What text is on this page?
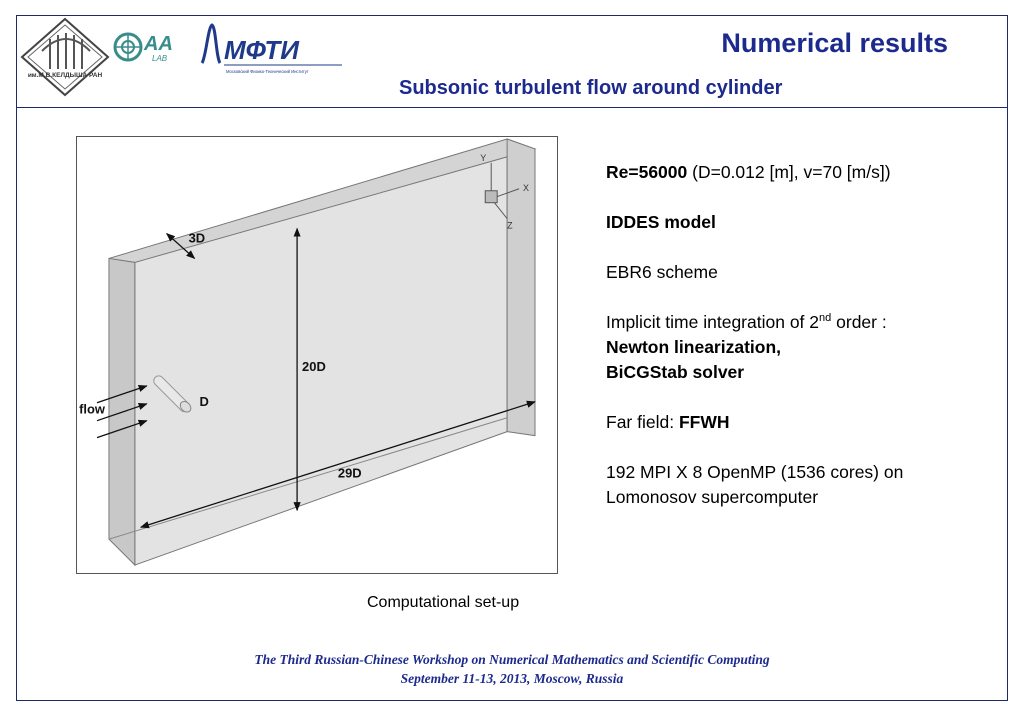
им.М.В.КЕЛДЫША РАН
AA
LAB МФТИ
Московский Физико-Технический Институт
Numerical results
Subsonic turbulent flow around cylinder
3D
20D
29D
D
flow
Y
X
Z
Computational set-up

Re=56000 (D=0.012 [m], v=70 [m/s])

IDDES model

EBR6 scheme

Implicit time integration of 2nd order :
Newton linearization,
BiCGStab solver

Far field: FFWH

192 MPI X 8 OpenMP (1536 cores) on
Lomonosov supercomputer

The Third Russian-Chinese Workshop on Numerical Mathematics and Scientific Computing
September 11-13, 2013, Moscow, Russia
